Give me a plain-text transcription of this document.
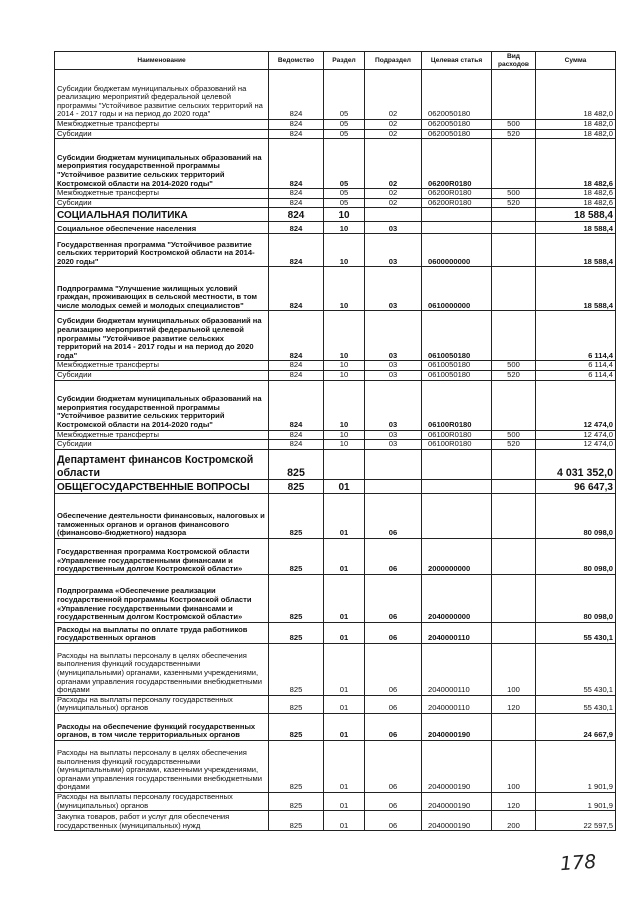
Наименование	Ведомство	Раздел	Подраздел	Целевая статья	Вид расходов	Сумма
Субсидии бюджетам муниципальных образований на реализацию мероприятий федеральной целевой программы "Устойчивое развитие сельских территорий на 2014 - 2017 годы и на период до 2020 года"	824	05	02	0620050180		18 482,0
Межбюджетные трансферты	824	05	02	0620050180	500	18 482,0
Субсидии	824	05	02	0620050180	520	18 482,0
Субсидии бюджетам муниципальных образований на мероприятия государственной программы "Устойчивое развитие сельских территорий Костромской области на 2014-2020 годы"	824	05	02	06200R0180		18 482,6
Межбюджетные трансферты	824	05	02	06200R0180	500	18 482,6
Субсидии	824	05	02	06200R0180	520	18 482,6
СОЦИАЛЬНАЯ ПОЛИТИКА	824	10				18 588,4
Социальное обеспечение населения	824	10	03			18 588,4
Государственная программа "Устойчивое развитие сельских территорий Костромской области на 2014-2020 годы"	824	10	03	0600000000		18 588,4
Подпрограмма "Улучшение жилищных условий граждан, проживающих в сельской местности, в том числе молодых семей и молодых специалистов"	824	10	03	0610000000		18 588,4
Субсидии бюджетам муниципальных образований на реализацию мероприятий федеральной целевой программы "Устойчивое развитие сельских территорий на 2014 - 2017 годы и на период до 2020 года"	824	10	03	0610050180		6 114,4
Межбюджетные трансферты	824	10	03	0610050180	500	6 114,4
Субсидии	824	10	03	0610050180	520	6 114,4
Субсидии бюджетам муниципальных образований на мероприятия государственной программы "Устойчивое развитие сельских территорий Костромской области на 2014-2020 годы"	824	10	03	06100R0180		12 474,0
Межбюджетные трансферты	824	10	03	06100R0180	500	12 474,0
Субсидии	824	10	03	06100R0180	520	12 474,0
Департамент финансов Костромской области	825					4 031 352,0
ОБЩЕГОСУДАРСТВЕННЫЕ ВОПРОСЫ	825	01				96 647,3
Обеспечение деятельности финансовых, налоговых и таможенных органов и органов финансового (финансово-бюджетного) надзора	825	01	06			80 098,0
Государственная программа Костромской области «Управление государственными финансами и государственным долгом Костромской области»	825	01	06	2000000000		80 098,0
Подпрограмма «Обеспечение реализации государственной программы Костромской области «Управление государственными финансами и государственным долгом Костромской области»	825	01	06	2040000000		80 098,0
Расходы на выплаты по оплате труда работников государственных органов	825	01	06	2040000110		55 430,1
Расходы на выплаты персоналу в целях обеспечения выполнения функций государственными (муниципальными) органами, казенными учреждениями, органами управления государственными внебюджетными фондами	825	01	06	2040000110	100	55 430,1
Расходы на выплаты персоналу государственных (муниципальных) органов	825	01	06	2040000110	120	55 430,1
Расходы на обеспечение функций государственных органов, в том числе территориальных органов	825	01	06	2040000190		24 667,9
Расходы на выплаты персоналу в целях обеспечения выполнения функций государственными (муниципальными) органами, казенными учреждениями, органами управления государственными внебюджетными фондами	825	01	06	2040000190	100	1 901,9
Расходы на выплаты персоналу государственных (муниципальных) органов	825	01	06	2040000190	120	1 901,9
Закупка товаров, работ и услуг для обеспечения государственных (муниципальных) нужд	825	01	06	2040000190	200	22 597,5
178
